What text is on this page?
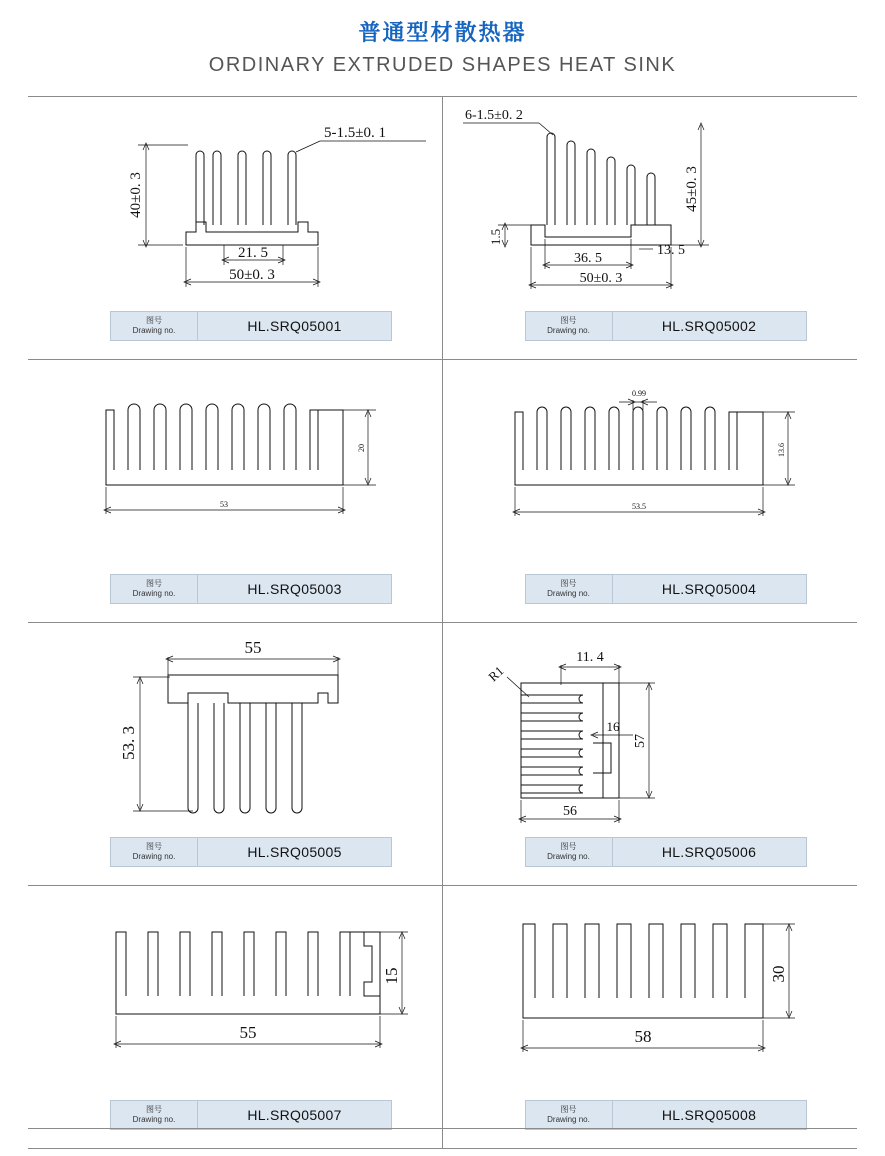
普通型材散热器
ORDINARY EXTRUDED SHAPES HEAT SINK
5-1.5±0. 1
40±0. 3
21. 5
50±0. 3
图号
Drawing no.	HL.SRQ05001
6-1.5±0. 2
45±0. 3
1.5
36. 5
13. 5
50±0. 3
图号
Drawing no.	HL.SRQ05002
20
53
图号
Drawing no.	HL.SRQ05003
0.99
13.6
53.5
图号
Drawing no.	HL.SRQ05004
55
53. 3
图号
Drawing no.	HL.SRQ05005
R1
11. 4
16
57
56
图号
Drawing no.	HL.SRQ05006
15
55
图号
Drawing no.	HL.SRQ05007
30
58
图号
Drawing no.	HL.SRQ05008
